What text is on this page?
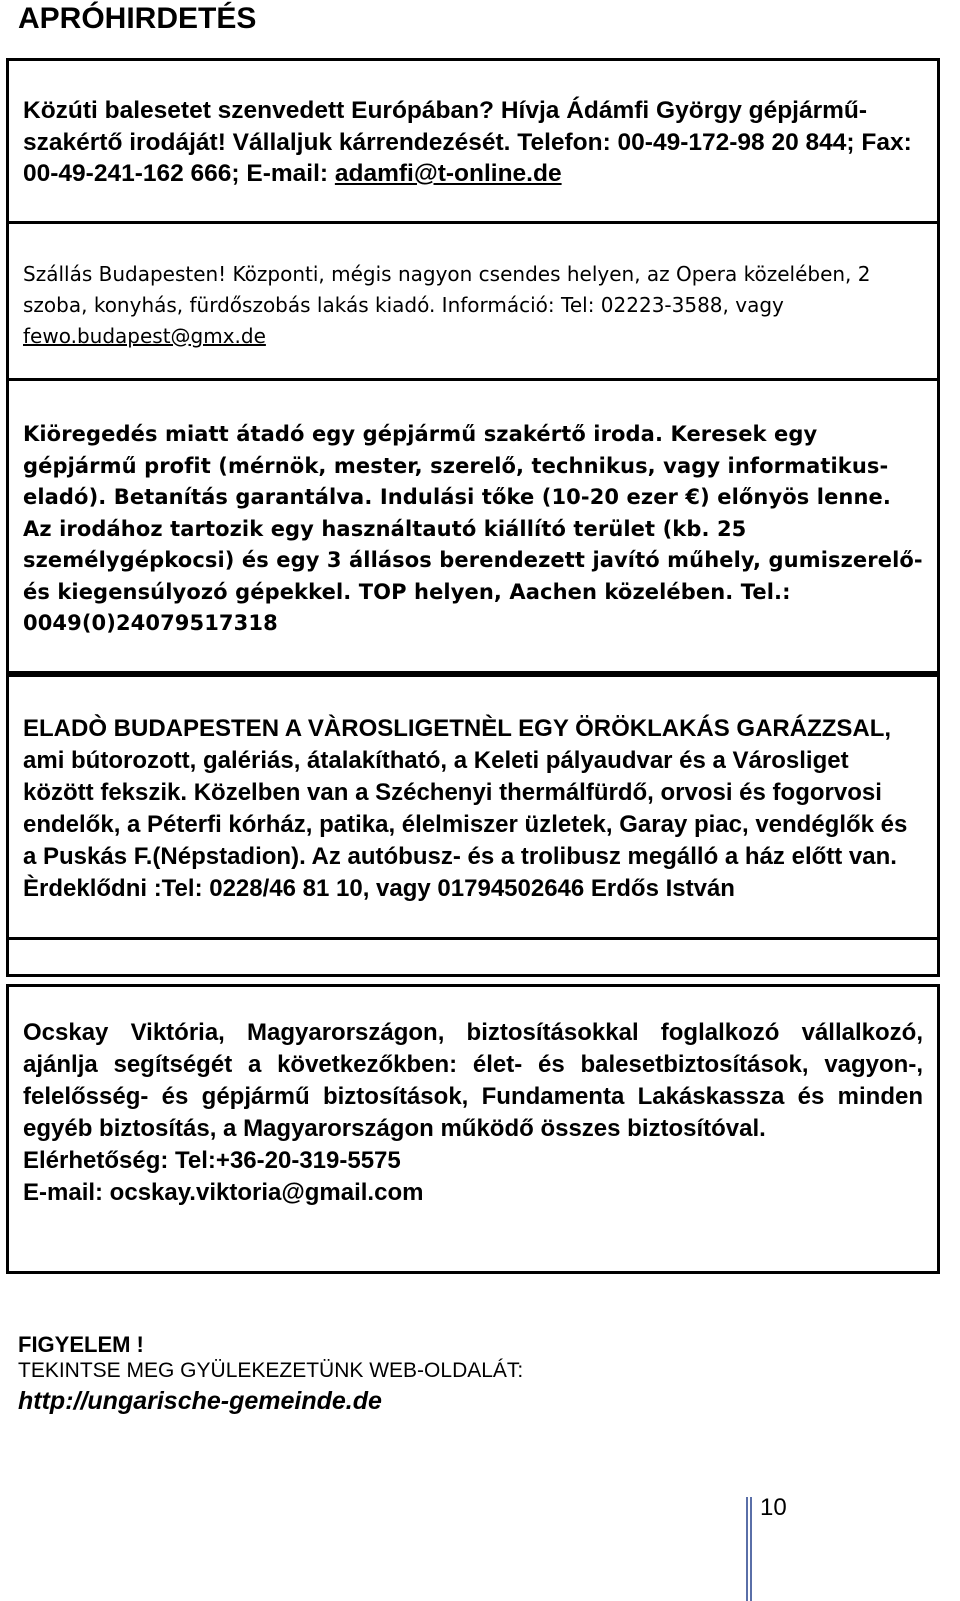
APRÓHIRDETÉS

Közúti balesetet szenvedett Európában? Hívja Ádámfi György gépjármű-szakértő irodáját! Vállaljuk kárrendezését. Telefon: 00-49-172-98 20 844; Fax: 00-49-241-162 666; E-mail: adamfi@t-online.de

Szállás Budapesten! Központi, mégis nagyon csendes helyen, az Opera közelében, 2 szoba, konyhás, fürdőszobás lakás kiadó. Információ: Tel: 02223-3588, vagy fewo.budapest@gmx.de

Kiöregedés miatt átadó egy gépjármű szakértő iroda. Keresek egy gépjármű profit (mérnök, mester, szerelő, technikus, vagy informatikus- eladó). Betanítás garantálva. Indulási tőke (10-20 ezer €) előnyös lenne. Az irodához tartozik egy használtautó kiállító terület (kb. 25 személygépkocsi) és egy 3 állásos berendezett javító műhely, gumiszerelő- és kiegensúlyozó gépekkel. TOP helyen, Aachen közelében. Tel.: 0049(0)24079517318

ELADÒ BUDAPESTEN A VÀROSLIGETNÈL EGY ÖRÖKLAKÁS GARÁZZSAL, ami bútorozott, galériás, átalakítható, a Keleti pályaudvar és a Városliget között fekszik. Közelben van a Széchenyi thermálfürdő, orvosi és fogorvosi endelők, a Péterfi kórház, patika, élelmiszer üzletek, Garay piac, vendéglők és a Puskás F.(Népstadion). Az autóbusz- és a trolibusz megálló a ház előtt van. Èrdeklődni :Tel: 0228/46 81 10, vagy 01794502646 Erdős István

Ocskay Viktória, Magyarországon, biztosításokkal foglalkozó vállalkozó, ajánlja segítségét a következőkben: élet- és balesetbiztosítások, vagyon-, felelősség- és gépjármű biztosítások, Fundamenta Lakáskassza és minden egyéb biztosítás, a Magyarországon működő összes biztosítóval.

Elérhetőség: Tel:+36-20-319-5575

E-mail: ocskay.viktoria@gmail.com

FIGYELEM !
TEKINTSE MEG GYÜLEKEZETÜNK WEB-OLDALÁT:
http://ungarische-gemeinde.de
10
